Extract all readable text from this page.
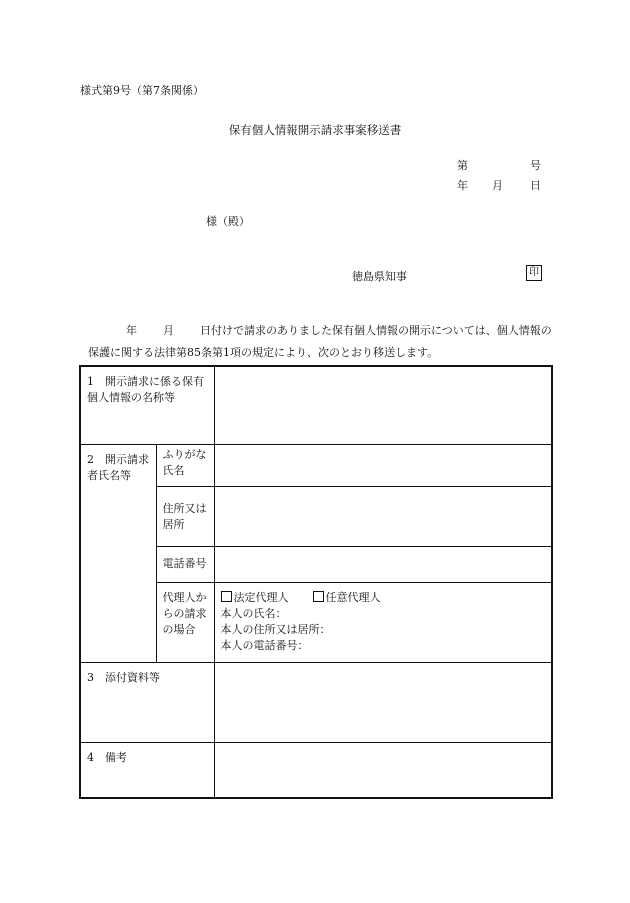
様式第9号（第7条関係）
保有個人情報開示請求事案移送書
第	号
年 月 日
様（殿）
徳島県知事	印
年 月 日付けで請求のありました保有個人情報の開示については、個人情報の保護に関する法律第85条第1項の規定により、次のとおり移送します。
1　開示請求に係る保有個人情報の名称等		
2　開示請求者氏名等	ふりがな
氏名	
	住所又は居所	
	電話番号	
	代理人からの請求の場合	法定代理人 任意代理人
本人の氏名：
本人の住所又は居所：
本人の電話番号：
3　添付資料等		
4　備考		
